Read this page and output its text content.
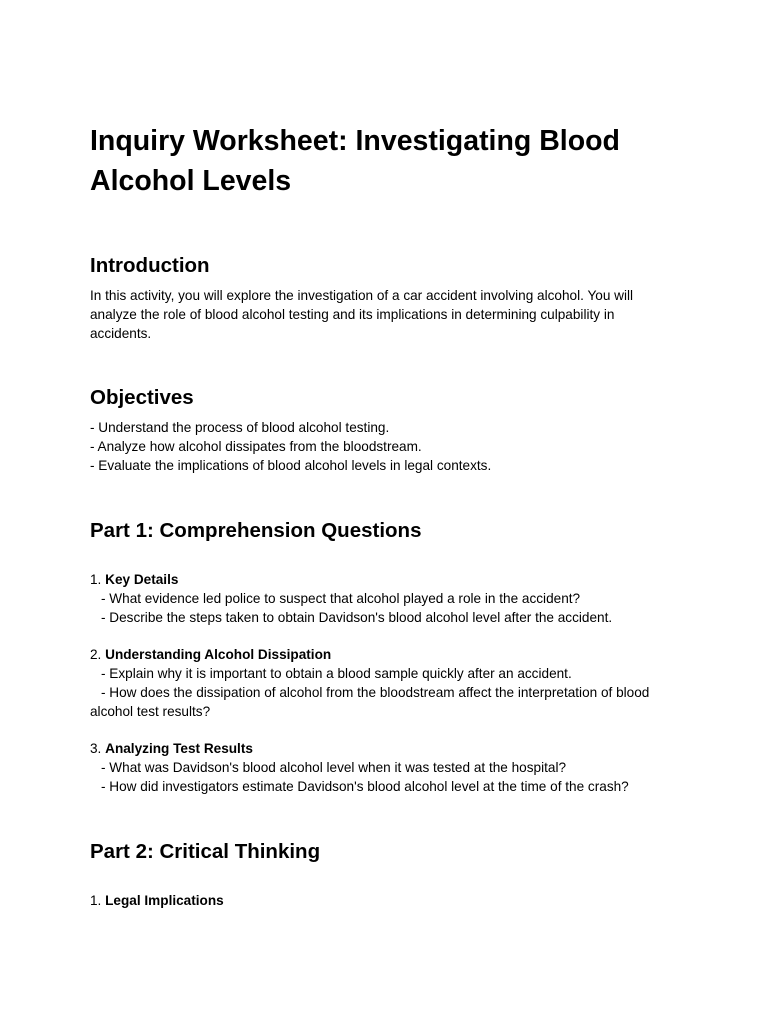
Inquiry Worksheet: Investigating Blood Alcohol Levels
Introduction

In this activity, you will explore the investigation of a car accident involving alcohol. You will analyze the role of blood alcohol testing and its implications in determining culpability in accidents.

Objectives

- Understand the process of blood alcohol testing.

- Analyze how alcohol dissipates from the bloodstream.

- Evaluate the implications of blood alcohol levels in legal contexts.

Part 1: Comprehension Questions

1. Key Details

- What evidence led police to suspect that alcohol played a role in the accident?

- Describe the steps taken to obtain Davidson's blood alcohol level after the accident.

2. Understanding Alcohol Dissipation

- Explain why it is important to obtain a blood sample quickly after an accident.

- How does the dissipation of alcohol from the bloodstream affect the interpretation of blood alcohol test results?

3. Analyzing Test Results

- What was Davidson's blood alcohol level when it was tested at the hospital?

- How did investigators estimate Davidson's blood alcohol level at the time of the crash?

Part 2: Critical Thinking

1. Legal Implications
